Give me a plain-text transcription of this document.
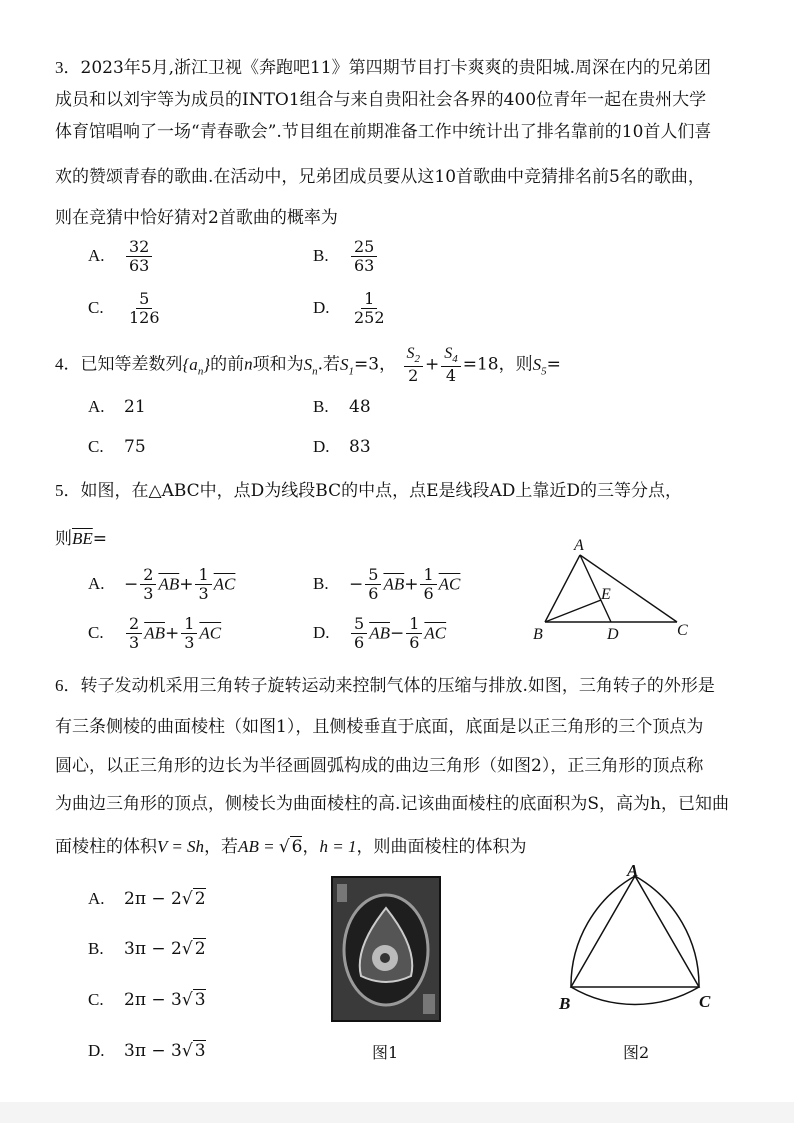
3．2023年5月,浙江卫视《奔跑吧11》第四期节目打卡爽爽的贵阳城.周深在内的兄弟团
成员和以刘宇等为成员的INTO1组合与来自贵阳社会各界的400位青年一起在贵州大学
体育馆唱响了一场“青春歌会”.节目组在前期准备工作中统计出了排名靠前的10首人们喜
欢的赞颂青春的歌曲.在活动中，兄弟团成员要从这10首歌曲中竞猜排名前5名的歌曲，
则在竞猜中恰好猜对2首歌曲的概率为
A. $\frac{32}{63}$	B. $\frac{25}{63}$
C. $\frac{5}{126}$	D. $\frac{1}{252}$
4．已知等差数列$\{a_n\}$的前n项和为$S_n$.若$S_1=3$， $\frac{S_2}{2} + \frac{S_4}{4} =18$，则$S_5=$
A. 21	B. 48
C. 75	D. 83
5．如图，在△ABC中，点D为线段BC的中点，点E是线段AD上靠近D的三等分点，
则$\overline{BE}=$
A. − $\frac{2}{3} \overline{AB}+ \frac{1}{3} \overline{AC}$	B. − $\frac{5}{6} \overline{AB}+ \frac{1}{6} \overline{AC}$
C. $\frac{2}{3} \overline{AB}+ \frac{1}{3} \overline{AC}$	D. $\frac{5}{6} \overline{AB}- \frac{1}{6} \overline{AC}$
A
B	C
D
E
6．转子发动机采用三角转子旋转运动来控制气体的压缩与排放.如图，三角转子的外形是
有三条侧棱的曲面棱柱（如图1），且侧棱垂直于底面，底面是以正三角形的三个顶点为
圆心，以正三角形的边长为半径画圆弧构成的曲边三角形（如图2），正三角形的顶点称
为曲边三角形的顶点，侧棱长为曲面棱柱的高.记该曲面棱柱的底面积为S，高为h，已知曲
面棱柱的体积V = Sh，若AB = √ 6，h = 1，则曲面棱柱的体积为
A. 2π − 2√ 2
B. 3π − 2√ 2
C. 2π − 3√ 3
D. 3π − 3√ 3	图1
A
B	C
图2
